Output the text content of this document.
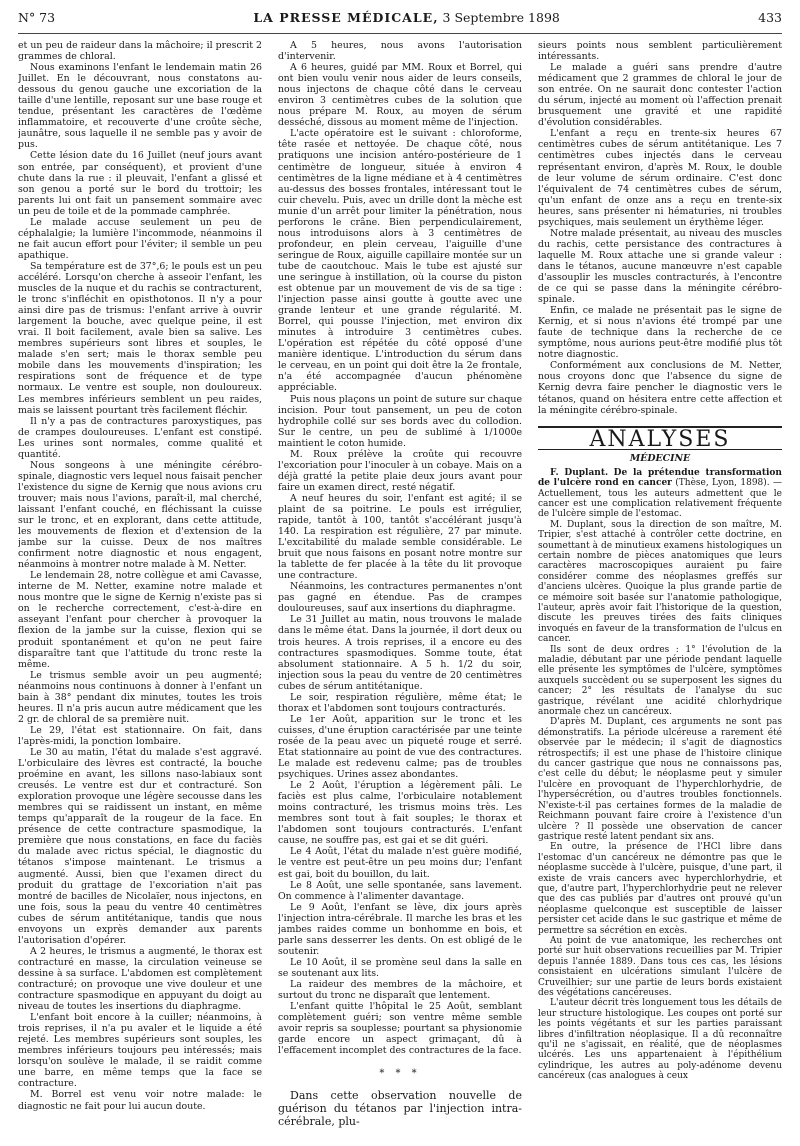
N° 73	LA PRESSE MÉDICALE, 3 Septembre 1898	433

et un peu de raideur dans la mâchoire; il prescrit 2 grammes de chloral.

Nous examinons l'enfant le lendemain matin 26 Juillet. En le découvrant, nous constatons au-dessous du genou gauche une excoriation de la taille d'une lentille, reposant sur une base rouge et tendue, présentant les caractères de l'œdème inflammatoire, et recouverte d'une croûte sèche, jaunâtre, sous laquelle il ne semble pas y avoir de pus.

Cette lésion date du 16 Juillet (neuf jours avant son entrée, par conséquent), et provient d'une chute dans la rue : il pleuvait, l'enfant a glissé et son genou a porté sur le bord du trottoir; les parents lui ont fait un pansement sommaire avec un peu de toile et de la pommade camphrée.

Le malade accuse seulement un peu de céphalalgie; la lumière l'incommode, néanmoins il ne fait aucun effort pour l'éviter; il semble un peu apathique.

Sa température est de 37°,6; le pouls est un peu accéléré. Lorsqu'on cherche à asseoir l'enfant, les muscles de la nuque et du rachis se contracturent, le tronc s'infléchit en opisthotonos. Il n'y a pour ainsi dire pas de trismus: l'enfant arrive à ouvrir largement la bouche, avec quelque peine, il est vrai. Il boit facilement, avale bien sa salive. Les membres supérieurs sont libres et souples, le malade s'en sert; mais le thorax semble peu mobile dans les mouvements d'inspiration; les respirations sont de fréquence et de type normaux. Le ventre est souple, non douloureux. Les membres inférieurs semblent un peu raides, mais se laissent pourtant très facilement fléchir.

Il n'y a pas de contractures paroxystiques, pas de crampes douloureuses. L'enfant est constipé. Les urines sont normales, comme qualité et quantité.

Nous songeons à une méningite cérébro-spinale, diagnostic vers lequel nous faisait pencher l'existence du signe de Kernig que nous avions cru trouver; mais nous l'avions, paraît-il, mal cherché, laissant l'enfant couché, en fléchissant la cuisse sur le tronc, et en explorant, dans cette attitude, les mouvements de flexion et d'extension de la jambe sur la cuisse. Deux de nos maîtres confirment notre diagnostic et nous engagent, néanmoins à montrer notre malade à M. Netter.

Le lendemain 28, notre collègue et ami Cavasse, interne de M. Netter, examine notre malade et nous montre que le signe de Kernig n'existe pas si on le recherche correctement, c'est-à-dire en asseyant l'enfant pour chercher à provoquer la flexion de la jambe sur la cuisse, flexion qui se produit spontanément et qu'on ne peut faire disparaître tant que l'attitude du tronc reste la même.

Le trismus semble avoir un peu augmenté; néanmoins nous continuons à donner à l'enfant un bain à 38° pendant dix minutes, toutes les trois heures. Il n'a pris aucun autre médicament que les 2 gr. de chloral de sa première nuit.

Le 29, l'état est stationnaire. On fait, dans l'après-midi, la ponction lombaire.

Le 30 au matin, l'état du malade s'est aggravé. L'orbiculaire des lèvres est contracté, la bouche proémine en avant, les sillons naso-labiaux sont creusés. Le ventre est dur et contracturé. Son exploration provoque une légère secousse dans les membres qui se raidissent un instant, en même temps qu'apparaît de la rougeur de la face. En présence de cette contracture spasmodique, la première que nous constations, en face du faciès du malade avec rictus spécial, le diagnostic du tétanos s'impose maintenant. Le trismus a augmenté. Aussi, bien que l'examen direct du produit du grattage de l'excoriation n'ait pas montré de bacilles de Nicolaïer, nous injectons, en une fois, sous la peau du ventre 40 centimètres cubes de sérum antitétanique, tandis que nous envoyons un exprès demander aux parents l'autorisation d'opérer.

A 2 heures, le trismus a augmenté, le thorax est contracturé en masse, la circulation veineuse se dessine à sa surface. L'abdomen est complètement contracturé; on provoque une vive douleur et une contracture spasmodique en appuyant du doigt au niveau de toutes les insertions du diaphragme.

L'enfant boit encore à la cuiller; néanmoins, à trois reprises, il n'a pu avaler et le liquide a été rejeté. Les membres supérieurs sont souples, les membres inférieurs toujours peu intéressés; mais lorsqu'on soulève le malade, il se raidit comme une barre, en même temps que la face se contracture.

M. Borrel est venu voir notre malade: le diagnostic ne fait pour lui aucun doute.

A 5 heures, nous avons l'autorisation d'intervenir.

A 6 heures, guidé par MM. Roux et Borrel, qui ont bien voulu venir nous aider de leurs conseils, nous injectons de chaque côté dans le cerveau environ 3 centimètres cubes de la solution que nous prépare M. Roux, au moyen de sérum desséché, dissous au moment même de l'injection.

L'acte opératoire est le suivant : chloroforme, tête rasée et nettoyée. De chaque côté, nous pratiquons une incision antéro-postérieure de 1 centimètre de longueur, située à environ 4 centimètres de la ligne médiane et à 4 centimètres au-dessus des bosses frontales, intéressant tout le cuir chevelu. Puis, avec un drille dont la mèche est munie d'un arrêt pour limiter la pénétration, nous perforons le crâne. Bien perpendiculairement, nous introduisons alors à 3 centimètres de profondeur, en plein cerveau, l'aiguille d'une seringue de Roux, aiguille capillaire montée sur un tube de caoutchouc. Mais le tube est ajusté sur une seringue à instillation, où la course du piston est obtenue par un mouvement de vis de sa tige : l'injection passe ainsi goutte à goutte avec une grande lenteur et une grande régularité. M. Borrel, qui pousse l'injection, met environ dix minutes à introduire 3 centimètres cubes. L'opération est répétée du côté opposé d'une manière identique. L'introduction du sérum dans le cerveau, en un point qui doit être la 2e frontale, n'a été accompagnée d'aucun phénomène appréciable.

Puis nous plaçons un point de suture sur chaque incision. Pour tout pansement, un peu de coton hydrophile collé sur ses bords avec du collodion. Sur le centre, un peu de sublimé à 1/1000e maintient le coton humide.

M. Roux prélève la croûte qui recouvre l'excoriation pour l'inoculer à un cobaye. Mais on a déjà gratté la petite plaie deux jours avant pour faire un examen direct, resté négatif.

A neuf heures du soir, l'enfant est agité; il se plaint de sa poitrine. Le pouls est irrégulier, rapide, tantôt à 100, tantôt s'accélérant jusqu'à 140. La respiration est régulière, 27 par minute. L'excitabilité du malade semble considérable. Le bruit que nous faisons en posant notre montre sur la tablette de fer placée à la tête du lit provoque une contracture.

Néanmoins, les contractures permanentes n'ont pas gagné en étendue. Pas de crampes douloureuses, sauf aux insertions du diaphragme.

Le 31 Juillet au matin, nous trouvons le malade dans le même état. Dans la journée, il dort deux ou trois heures. A trois reprises, il a encore eu des contractures spasmodiques. Somme toute, état absolument stationnaire. A 5 h. 1/2 du soir, injection sous la peau du ventre de 20 centimètres cubes de sérum antitétanique.

Le soir, respiration régulière, même état; le thorax et l'abdomen sont toujours contracturés.

Le 1er Août, apparition sur le tronc et les cuisses, d'une éruption caractérisée par une teinte rosée de la peau avec un piqueté rouge et serré. Etat stationnaire au point de vue des contractures. Le malade est redevenu calme; pas de troubles psychiques. Urines assez abondantes.

Le 2 Août, l'éruption a légèrement pâli. Le faciès est plus calme, l'orbiculaire notablement moins contracturé, les trismus moins très. Les membres sont tout à fait souples; le thorax et l'abdomen sont toujours contracturés. L'enfant cause, ne souffre pas, est gai et se dit guéri.

Le 4 Août, l'état du malade n'est guère modifié, le ventre est peut-être un peu moins dur; l'enfant est gai, boit du bouillon, du lait.

Le 8 Août, une selle spontanée, sans lavement. On commence à l'alimenter davantage.

Le 9 Août, l'enfant se lève, dix jours après l'injection intra-cérébrale. Il marche les bras et les jambes raides comme un bonhomme en bois, et parle sans desserrer les dents. On est obligé de le soutenir.

Le 10 Août, il se promène seul dans la salle en se soutenant aux lits.

La raideur des membres de la mâchoire, et surtout du tronc ne disparaît que lentement.

L'enfant quitte l'hôpital le 25 Août, semblant complètement guéri; son ventre même semble avoir repris sa souplesse; pourtant sa physionomie garde encore un aspect grimaçant, dû à l'effacement incomplet des contractures de la face.

* * *

Dans cette observation nouvelle de guérison du tétanos par l'injection intra-cérébrale, plu-

sieurs points nous semblent particulièrement intéressants.

Le malade a guéri sans prendre d'autre médicament que 2 grammes de chloral le jour de son entrée. On ne saurait donc contester l'action du sérum, injecté au moment où l'affection prenait brusquement une gravité et une rapidité d'évolution considérables.

L'enfant a reçu en trente-six heures 67 centimètres cubes de sérum antitétanique. Les 7 centimètres cubes injectés dans le cerveau représentant environ, d'après M. Roux, le double de leur volume de sérum ordinaire. C'est donc l'équivalent de 74 centimètres cubes de sérum, qu'un enfant de onze ans a reçu en trente-six heures, sans présenter ni hématuries, ni troubles psychiques, mais seulement un érythème léger.

Notre malade présentait, au niveau des muscles du rachis, cette persistance des contractures à laquelle M. Roux attache une si grande valeur : dans le tétanos, aucune manœuvre n'est capable d'assouplir les muscles contracturés, à l'encontre de ce qui se passe dans la méningite cérébro-spinale.

Enfin, ce malade ne présentait pas le signe de Kernig, et si nous n'avions été trompé par une faute de technique dans la recherche de ce symptôme, nous aurions peut-être modifié plus tôt notre diagnostic.

Conformément aux conclusions de M. Netter, nous croyons donc que l'absence du signe de Kernig devra faire pencher le diagnostic vers le tétanos, quand on hésitera entre cette affection et la méningite cérébro-spinale.

ANALYSES
MÉDECINE

F. Duplant. De la prétendue transformation de l'ulcère rond en cancer (Thèse, Lyon, 1898). — Actuellement, tous les auteurs admettent que le cancer est une complication relativement fréquente de l'ulcère simple de l'estomac.

M. Duplant, sous la direction de son maître, M. Tripier, s'est attaché à contrôler cette doctrine, en soumettant à de minutieux examens histologiques un certain nombre de pièces anatomiques que leurs caractères macroscopiques auraient pu faire considérer comme des néoplasmes greffés sur d'anciens ulcères. Quoique la plus grande partie de ce mémoire soit basée sur l'anatomie pathologique, l'auteur, après avoir fait l'historique de la question, discute les preuves tirées des faits cliniques invoqués en faveur de la transformation de l'ulcus en cancer.

Ils sont de deux ordres : 1° l'évolution de la maladie, débutant par une période pendant laquelle elle présente les symptômes de l'ulcère, symptômes auxquels succèdent ou se superposent les signes du cancer; 2° les résultats de l'analyse du suc gastrique, révélant une acidité chlorhydrique anormale chez un cancéreux.

D'après M. Duplant, ces arguments ne sont pas démonstratifs. La période ulcéreuse a rarement été observée par le médecin; il s'agit de diagnostics rétrospectifs; il est une phase de l'histoire clinique du cancer gastrique que nous ne connaissons pas, c'est celle du début; le néoplasme peut y simuler l'ulcère en provoquant de l'hyperchlorhydrie, de l'hypersécrétion, ou d'autres troubles fonctionnels. N'existe-t-il pas certaines formes de la maladie de Reichmann pouvant faire croire à l'existence d'un ulcère ? Il possède une observation de cancer gastrique resté latent pendant six ans.

En outre, la présence de l'HCl libre dans l'estomac d'un cancéreux ne démontre pas que le néoplasme succède à l'ulcère, puisque, d'une part, il existe de vrais cancers avec hyperchlorhydrie, et que, d'autre part, l'hyperchlorhydrie peut ne relever que des cas publiés par d'autres ont prouvé qu'un néoplasme quelconque est susceptible de laisser persister cet acide dans le suc gastrique et même de permettre sa sécrétion en excès.

Au point de vue anatomique, les recherches ont porté sur huit observations recueillies par M. Tripier depuis l'année 1889. Dans tous ces cas, les lésions consistaient en ulcérations simulant l'ulcère de Cruveilhier; sur une partie de leurs bords existaient des végétations cancéreuses.

L'auteur décrit très longuement tous les détails de leur structure histologique. Les coupes ont porté sur les points végétants et sur les parties paraissant libres d'infiltration néoplasique. Il a dû reconnaître qu'il ne s'agissait, en réalité, que de néoplasmes ulcérés. Les uns appartenaient à l'épithélium cylindrique, les autres au poly-adénome devenu cancéreux (cas analogues à ceux
